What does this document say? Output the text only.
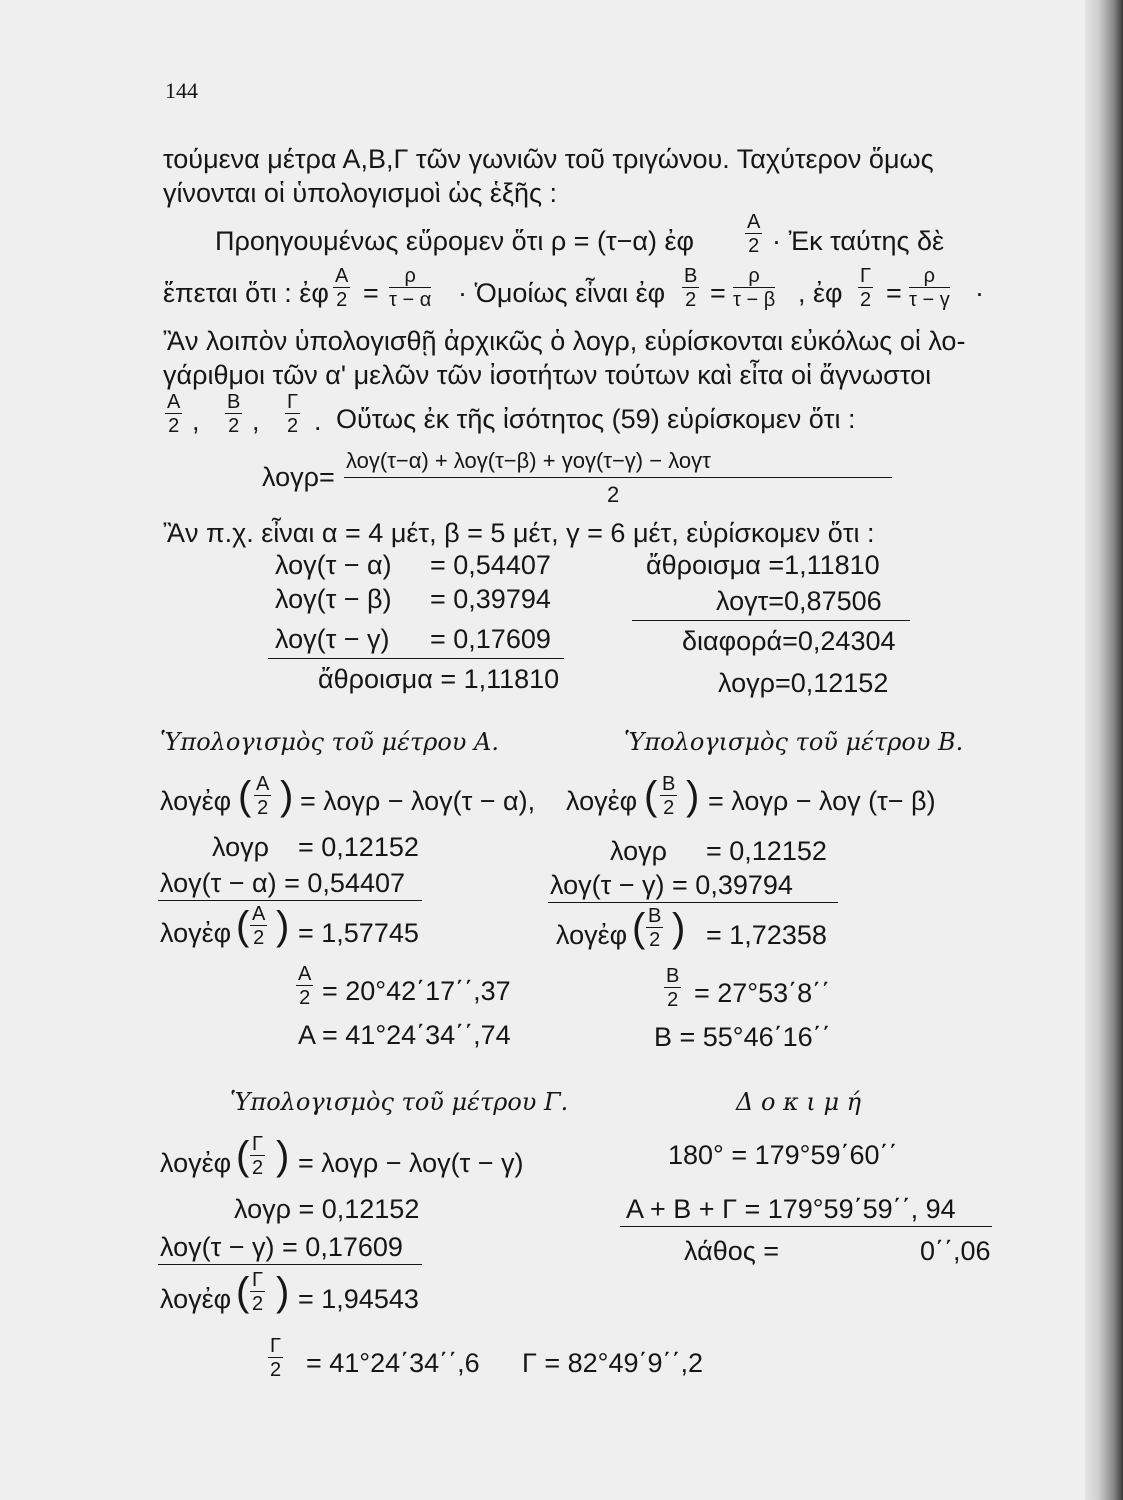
144
τούμενα μέτρα Α,Β,Γ τῶν γωνιῶν τοῦ τριγώνου. Ταχύτερον ὅμως
γίνονται οἱ ὑπολογισμοὶ ὡς ἑξῆς :
Προηγουμένως εὕρομεν ὅτι ρ = (τ−α) ἐφ	$\frac{A}{2}$ · Ἐκ ταύτης δὲ
ἕπεται ὅτι : ἐφ $\frac{A}{2} = \frac{\rho}{\tau - \alpha}$ · Ὁμοίως εἶναι ἐφ $\frac{B}{2} = \frac{\rho}{\tau - \beta}$ , ἐφ $\frac{\Gamma}{2} = \frac{\rho}{\tau - \gamma}$ ·
Ἂν λοιπὸν ὑπολογισθῇ ἀρχικῶς ὁ λογρ, εὑρίσκονται εὐκόλως οἱ λο-
γάριθμοι τῶν α' μελῶν τῶν ἰσοτήτων τούτων καὶ εἶτα οἱ ἄγνωστοι
$\frac{A}{2}$ , $\frac{B}{2}$ , $\frac{\Gamma}{2}$ . Οὕτως ἐκ τῆς ἰσότητος (59) εὑρίσκομεν ὅτι :
λογρ=
λογ(τ−α) + λογ(τ−β) + γογ(τ−γ) − λογτ
2
Ἂν π.χ. εἶναι α = 4 μέτ, β = 5 μέτ, γ = 6 μέτ, εὑρίσκομεν ὅτι :
λογ(τ − α) = 0,54407
λογ(τ − β) = 0,39794
λογ(τ − γ) = 0,17609
ἄθροισμα = 1,11810
ἄθροισμα =1,11810
λογτ=0,87506
διαφορά=0,24304
λογρ=0,12152
Ὑπολογισμὸς τοῦ μέτρου Α.	Ὑπολογισμὸς τοῦ μέτρου Β.
λογἐφ ( $\frac{A}{2}$ ) = λογρ − λογ(τ − α), λογἐφ ( $\frac{B}{2}$ ) = λογρ − λογ (τ− β)
λογρ = 0,12152
λογ(τ − α) = 0,54407
λογἐφ ( $\frac{A}{2}$ ) = 1,57745
$\frac{A}{2} = 20^\circ 42΄17΄΄,37$
Α = 41°24΄34΄΄,74
λογρ = 0,12152
λογ(τ − γ) = 0,39794
λογἐφ ( $\frac{B}{2}$ ) = 1,72358
$\frac{B}{2} = 27^\circ 53΄8΄΄$
Β = 55°46΄16΄΄
Ὑπολογισμὸς τοῦ μέτρου Γ.	Δ ο κ ι μ ή
λογἐφ ( $\frac{\Gamma}{2}$ ) = λογρ − λογ(τ − γ)
λογρ = 0,12152
λογ(τ − γ) = 0,17609
λογἐφ ( $\frac{\Gamma}{2}$ ) = 1,94543
$\frac{\Gamma}{2} = 41^\circ 24΄34΄΄,6$ Γ = 82°49΄9΄΄,2
180° = 179°59΄60΄΄
Α + Β + Γ = 179°59΄59΄΄, 94
λάθος =	0΄΄,06
